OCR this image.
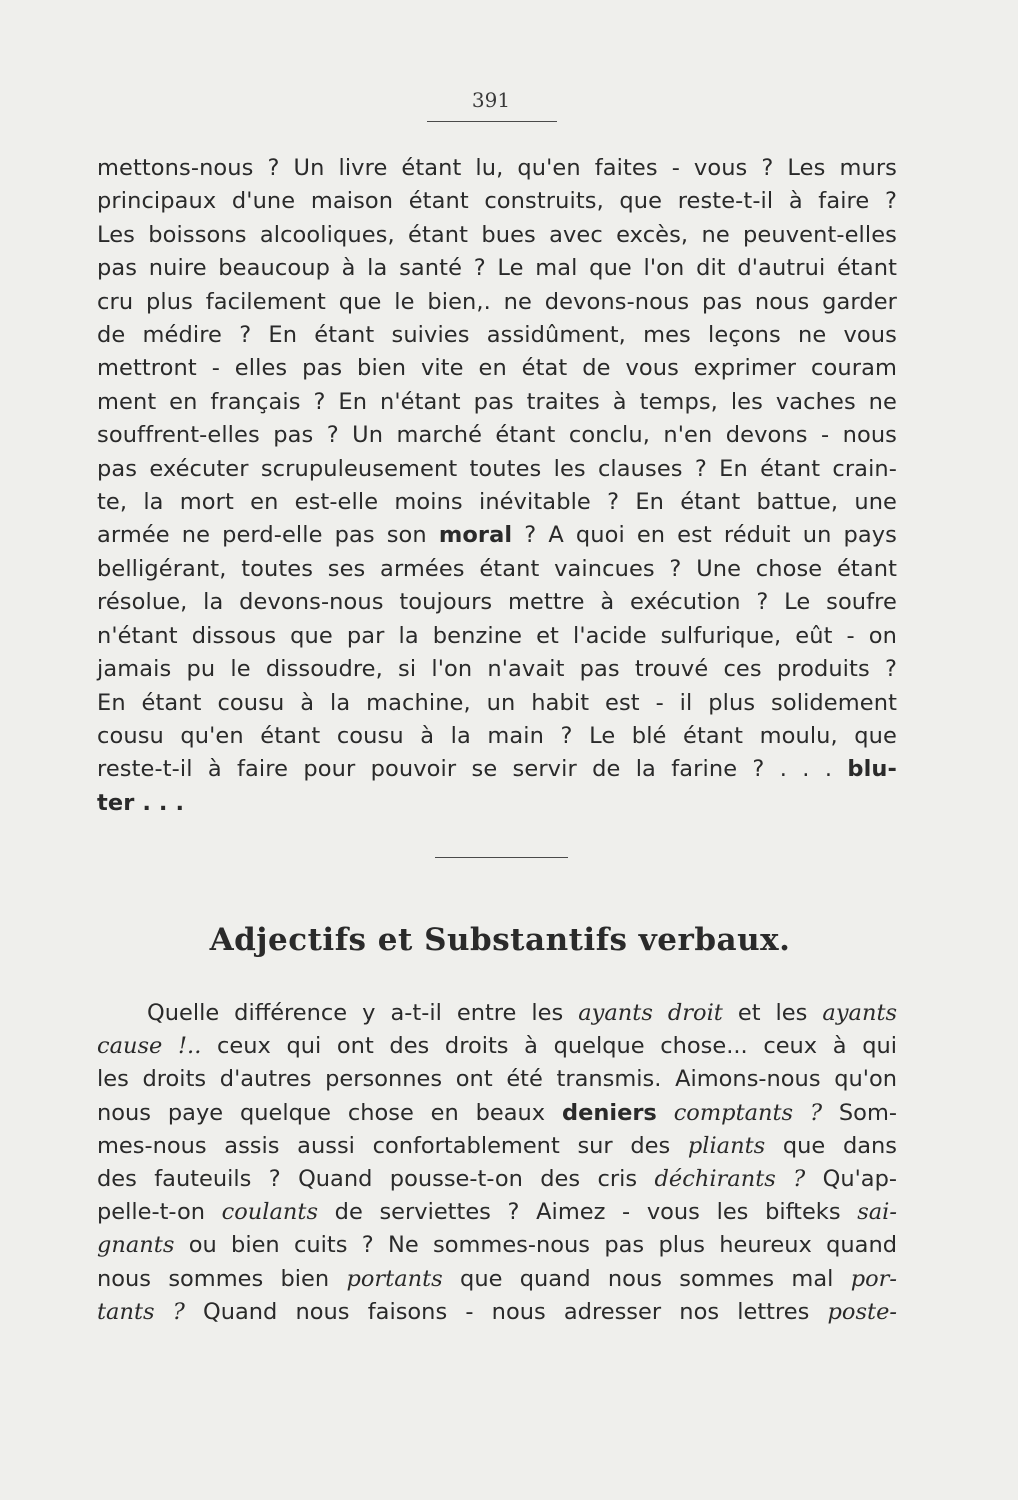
391
mettons-nous ? Un livre étant lu, qu'en faites - vous ? Les murs
principaux d'une maison étant construits, que reste-t-il à faire ?
Les boissons alcooliques, étant bues avec excès, ne peuvent-elles
pas nuire beaucoup à la santé ? Le mal que l'on dit d'autrui étant
cru plus facilement que le bien,. ne devons-nous pas nous garder
de médire ? En étant suivies assidûment, mes leçons ne vous
mettront - elles pas bien vite en état de vous exprimer couram
ment en français ? En n'étant pas traites à temps, les vaches ne
souffrent-elles pas ? Un marché étant conclu, n'en devons - nous
pas exécuter scrupuleusement toutes les clauses ? En étant crain-
te, la mort en est-elle moins inévitable ? En étant battue, une
armée ne perd-elle pas son moral ? A quoi en est réduit un pays
belligérant, toutes ses armées étant vaincues ? Une chose étant
résolue, la devons-nous toujours mettre à exécution ? Le soufre
n'étant dissous que par la benzine et l'acide sulfurique, eût - on
jamais pu le dissoudre, si l'on n'avait pas trouvé ces produits ?
En étant cousu à la machine, un habit est - il plus solidement
cousu qu'en étant cousu à la main ? Le blé étant moulu, que
reste-t-il à faire pour pouvoir se servir de la farine ? . . . blu-
ter . . .
Adjectifs et Substantifs verbaux.
Quelle différence y a-t-il entre les ayants droit et les ayants
cause !.. ceux qui ont des droits à quelque chose... ceux à qui
les droits d'autres personnes ont été transmis. Aimons-nous qu'on
nous paye quelque chose en beaux deniers comptants ? Som-
mes-nous assis aussi confortablement sur des pliants que dans
des fauteuils ? Quand pousse-t-on des cris déchirants ? Qu'ap-
pelle-t-on coulants de serviettes ? Aimez - vous les bifteks sai-
gnants ou bien cuits ? Ne sommes-nous pas plus heureux quand
nous sommes bien portants que quand nous sommes mal por-
tants ? Quand nous faisons - nous adresser nos lettres poste-
